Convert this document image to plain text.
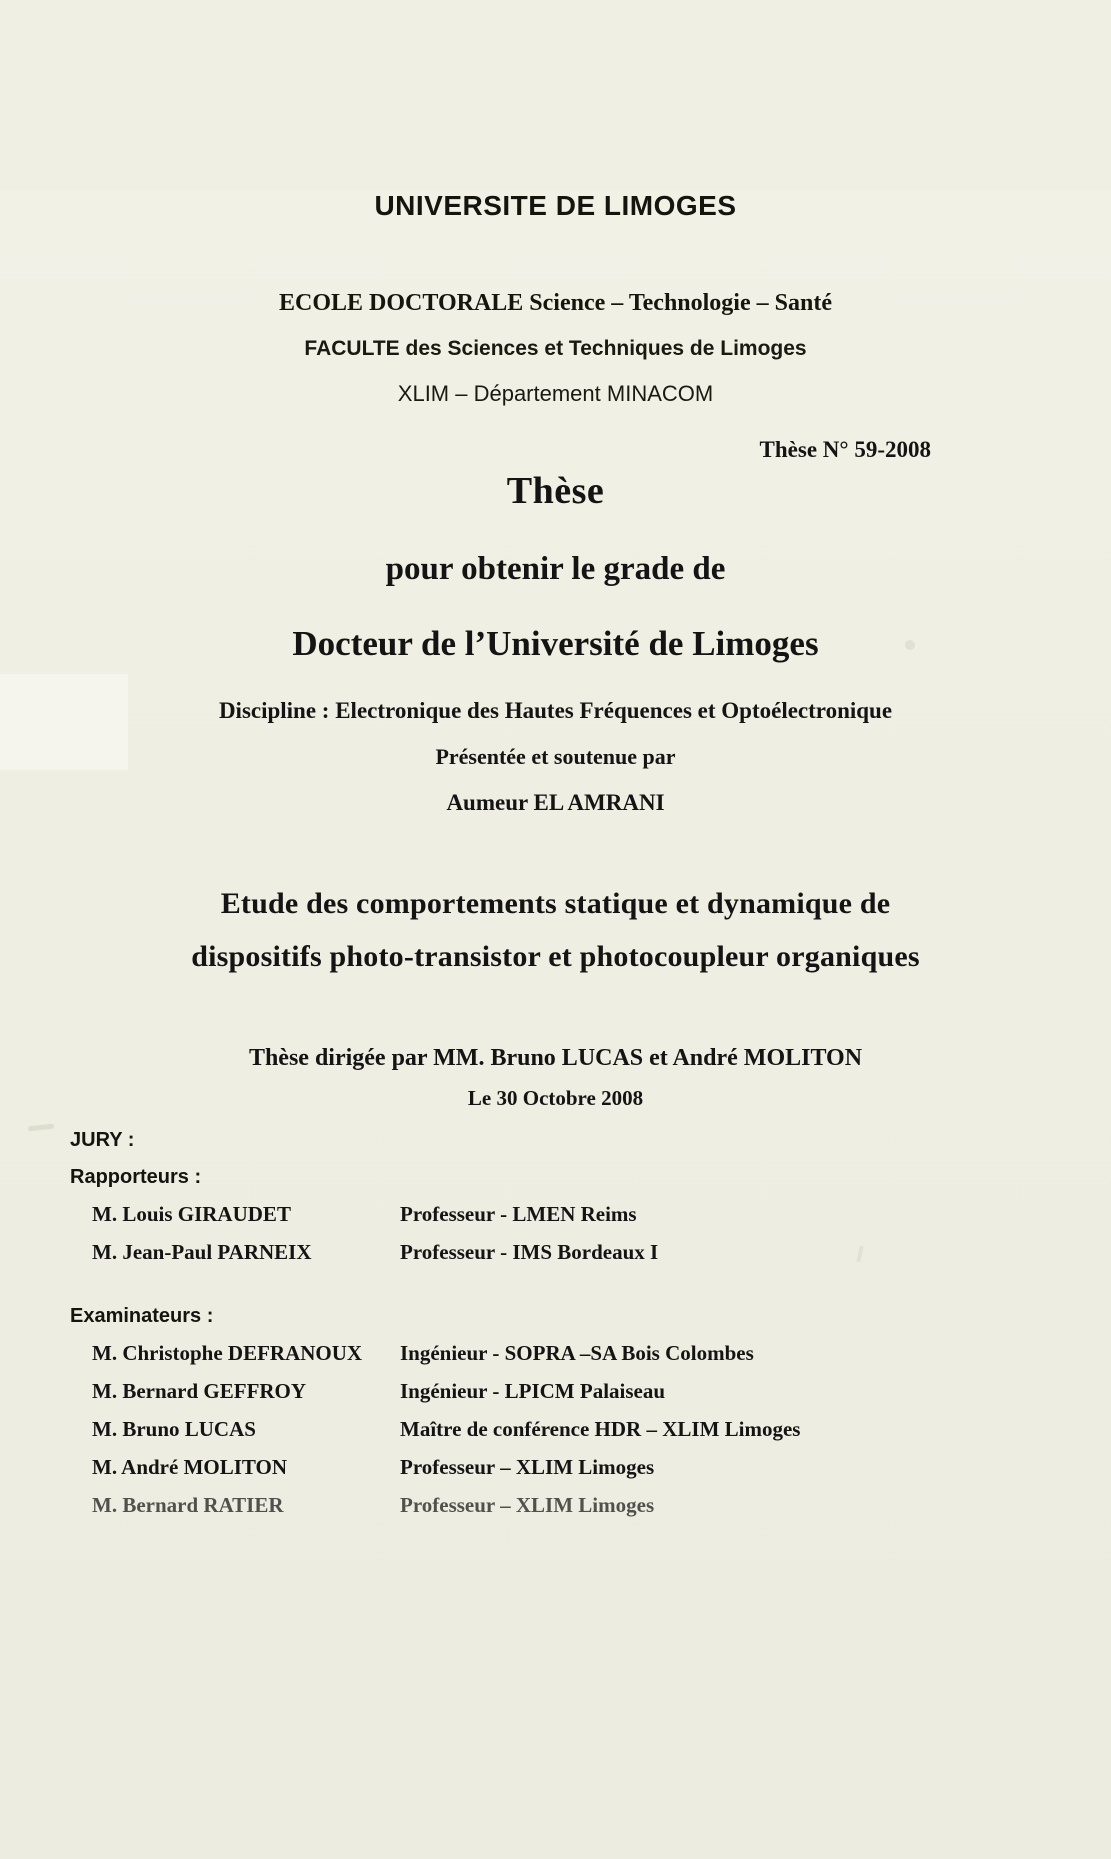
UNIVERSITE DE LIMOGES
ECOLE DOCTORALE Science – Technologie – Santé
FACULTE des Sciences et Techniques de Limoges
XLIM – Département MINACOM
Thèse N° 59-2008
Thèse
pour obtenir le grade de
Docteur de l’Université de Limoges
Discipline : Electronique des Hautes Fréquences et Optoélectronique
Présentée et soutenue par
Aumeur EL AMRANI
Etude des comportements statique et dynamique de
dispositifs photo-transistor et photocoupleur organiques
Thèse dirigée par MM. Bruno LUCAS et André MOLITON
Le 30 Octobre 2008
JURY :
Rapporteurs :
M. Louis GIRAUDET	Professeur - LMEN Reims
M. Jean-Paul PARNEIX	Professeur - IMS Bordeaux I
Examinateurs :
M. Christophe DEFRANOUX	Ingénieur - SOPRA –SA Bois Colombes
M. Bernard GEFFROY	Ingénieur - LPICM Palaiseau
M. Bruno LUCAS	Maître de conférence HDR – XLIM Limoges
M. André MOLITON	Professeur – XLIM Limoges
M. Bernard RATIER	Professeur – XLIM Limoges
